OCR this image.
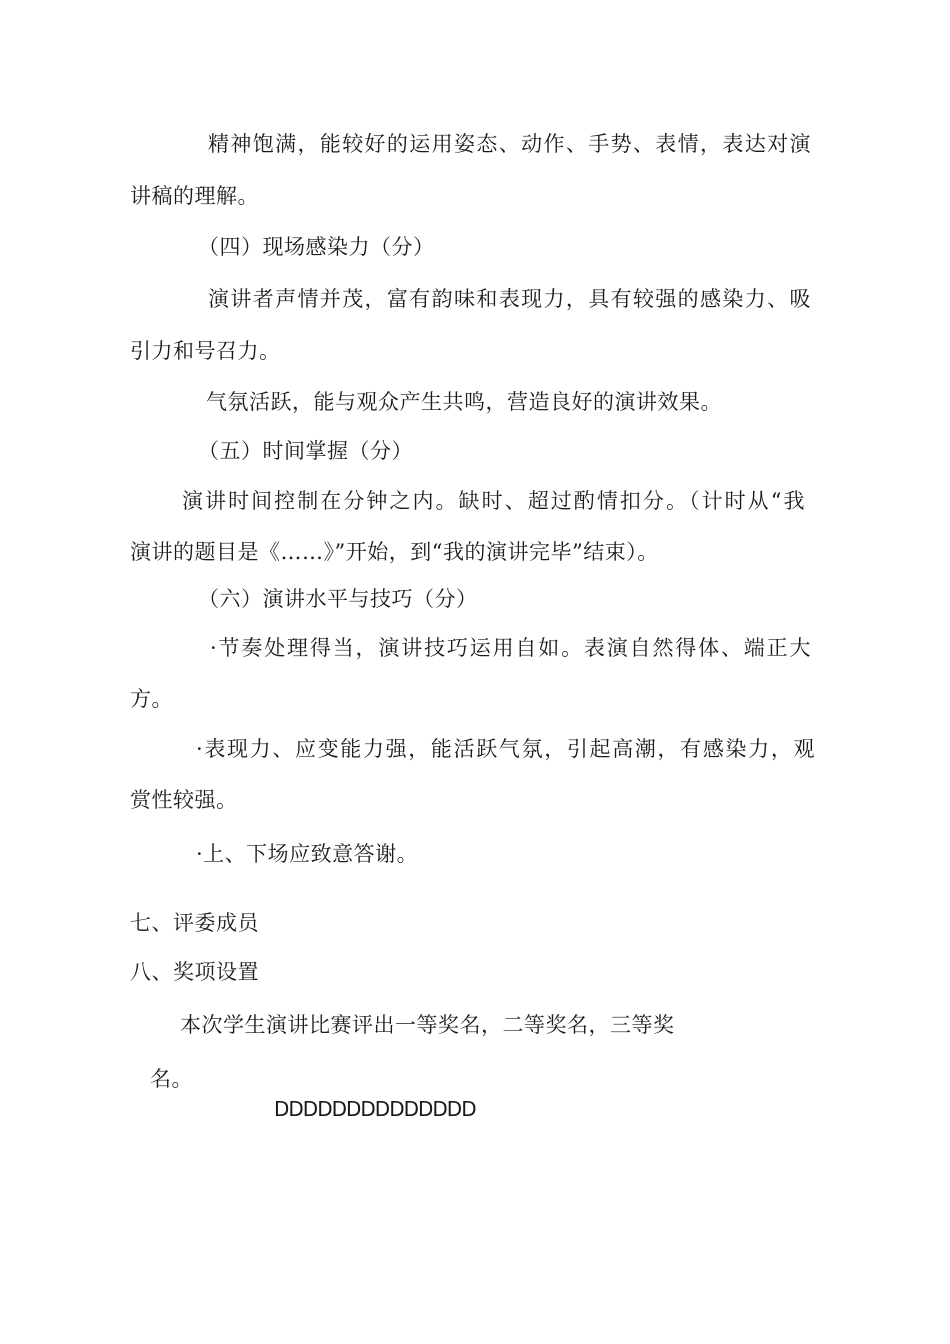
精神饱满，能较好的运用姿态、动作、手势、表情，表达对演
讲稿的理解。
（四）现场感染力（分）
演讲者声情并茂，富有韵味和表现力，具有较强的感染力、吸
引力和号召力。
气氛活跃，能与观众产生共鸣，营造良好的演讲效果。
（五）时间掌握（分）
演讲时间控制在分钟之内。缺时、超过酌情扣分。（计时从“我
演讲的题目是《……》”开始，到“我的演讲完毕”结束）。
（六）演讲水平与技巧（分）
·节奏处理得当，演讲技巧运用自如。表演自然得体、端正大
方。
·表现力、应变能力强，能活跃气氛，引起高潮，有感染力，观
赏性较强。
·上、下场应致意答谢。
七、评委成员
八、奖项设置
本次学生演讲比赛评出一等奖名，二等奖名，三等奖
名。
DDDDDDDDDDDDDD
